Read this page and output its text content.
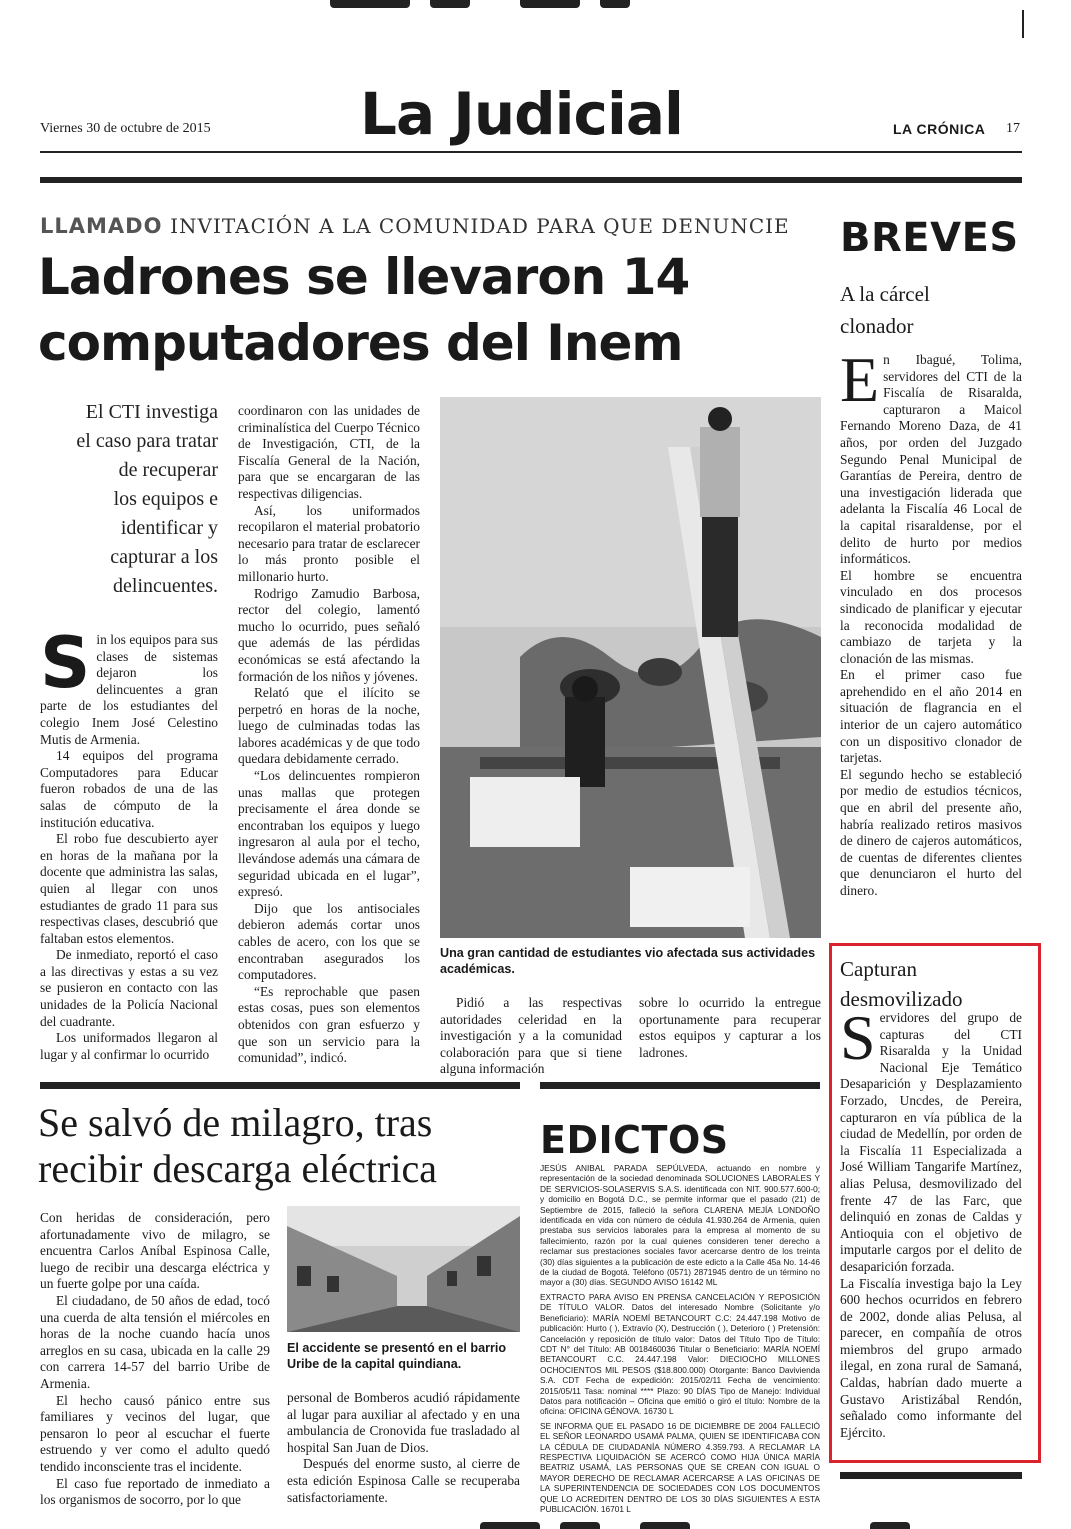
Viernes 30 de octubre de 2015	La Judicial	LA CRÓNICA 17
LLAMADO INVITACIÓN A LA COMUNIDAD PARA QUE DENUNCIE
Ladrones se llevaron 14
computadores del Inem
El CTI investiga
el caso para tratar
de recuperar
los equipos e
identificar y
capturar a los
delincuentes.

Sin los equipos para sus clases de sistemas dejaron los delincuentes a gran parte de los estudiantes del colegio Inem José Celestino Mutis de Armenia.

14 equipos del programa Computadores para Educar fueron robados de una de las salas de cómputo de la institución educativa.

El robo fue descubierto ayer en horas de la mañana por la docente que administra las salas, quien al llegar con unos estudiantes de grado 11 para sus respectivas clases, descubrió que faltaban estos elementos.

De inmediato, reportó el caso a las directivas y estas a su vez se pusieron en contacto con las unidades de la Policía Nacional del cuadrante.

Los uniformados llegaron al lugar y al confirmar lo ocurrido

coordinaron con las unidades de criminalística del Cuerpo Técnico de Investigación, CTI, de la Fiscalía General de la Nación, para que se encargaran de las respectivas diligencias.

Así, los uniformados recopilaron el material probatorio necesario para tratar de esclarecer lo más pronto posible el millonario hurto.

Rodrigo Zamudio Barbosa, rector del colegio, lamentó mucho lo ocurrido, pues señaló que además de las pérdidas económicas se está afectando la formación de los niños y jóvenes.

Relató que el ilícito se perpetró en horas de la noche, luego de culminadas todas las labores académicas y de que todo quedara debidamente cerrado.

“Los delincuentes rompieron unas mallas que protegen precisamente el área donde se encontraban los equipos y luego ingresaron al aula por el techo, llevándose además una cámara de seguridad ubicada en el lugar”, expresó.

Dijo que los antisociales debieron además cortar unos cables de acero, con los que se encontraban asegurados los computadores.

“Es reprochable que pasen estas cosas, pues son elementos obtenidos con gran esfuerzo y que son un servicio para la comunidad”, indicó.

Una gran cantidad de estudiantes vio afectada sus actividades académicas.

Pidió a las respectivas autoridades celeridad en la investigación y a la comunidad colaboración para que si tiene alguna información

sobre lo ocurrido la entregue oportunamente para recuperar estos equipos y capturar a los ladrones.

BREVES
A la cárcel clonador

En Ibagué, Tolima, servidores del CTI de la Fiscalía de Risaralda, capturaron a Maicol Fernando Moreno Daza, de 41 años, por orden del Juzgado Segundo Penal Municipal de Garantías de Pereira, dentro de una investigación liderada que adelanta la Fiscalía 46 Local de la capital risaraldense, por el delito de hurto por medios informáticos.

El hombre se encuentra vinculado en dos procesos sindicado de planificar y ejecutar la reconocida modalidad de cambiazo de tarjeta y la clonación de las mismas.

En el primer caso fue aprehendido en el año 2014 en situación de flagrancia en el interior de un cajero automático con un dispositivo clonador de tarjetas.

El segundo hecho se estableció por medio de estudios técnicos, que en abril del presente año, habría realizado retiros masivos de dinero de cajeros automáticos, de cuentas de diferentes clientes que denunciaron el hurto del dinero.

Capturan desmovilizado

Servidores del grupo de capturas del CTI Risaralda y la Unidad Nacional Eje Temático Desaparición y Desplazamiento Forzado, Uncdes, de Pereira, capturaron en vía pública de la ciudad de Medellín, por orden de la Fiscalía 11 Especializada a José William Tangarife Martínez, alias Pelusa, desmovilizado del frente 47 de las Farc, que delinquió en zonas de Caldas y Antioquia con el objetivo de imputarle cargos por el delito de desaparición forzada.

La Fiscalía investiga bajo la Ley 600 hechos ocurridos en febrero de 2002, donde alias Pelusa, al parecer, en compañía de otros miembros del grupo armado ilegal, en zona rural de Samaná, Caldas, habrían dado muerte a Gustavo Aristizábal Rendón, señalado como informante del Ejército.

Se salvó de milagro, tras
recibir descarga eléctrica

Con heridas de consideración, pero afortunadamente vivo de milagro, se encuentra Carlos Aníbal Espinosa Calle, luego de recibir una descarga eléctrica y un fuerte golpe por una caída.

El ciudadano, de 50 años de edad, tocó una cuerda de alta tensión el miércoles en horas de la noche cuando hacía unos arreglos en su casa, ubicada en la calle 29 con carrera 14-57 del barrio Uribe de Armenia.

El hecho causó pánico entre sus familiares y vecinos del lugar, que pensaron lo peor al escuchar el fuerte estruendo y ver como el adulto quedó tendido inconsciente tras el incidente.

El caso fue reportado de inmediato a los organismos de socorro, por lo que

El accidente se presentó en el barrio Uribe de la capital quindiana.

personal de Bomberos acudió rápidamente al lugar para auxiliar al afectado y en una ambulancia de Cronovida fue trasladado al hospital San Juan de Dios.

Después del enorme susto, al cierre de esta edición Espinosa Calle se recuperaba satisfactoriamente.

EDICTOS

JESÚS ANIBAL PARADA SEPÚLVEDA, actuando en nombre y representación de la sociedad denominada SOLUCIONES LABORALES Y DE SERVICIOS-SOLASERVIS S.A.S. identificada con NIT. 900.577.600-0; y domicilio en Bogotá D.C., se permite informar que el pasado (21) de Septiembre de 2015, falleció la señora CLARENA MEJÍA LONDOÑO identificada en vida con número de cédula 41.930.264 de Armenia, quien prestaba sus servicios laborales para la empresa al momento de su fallecimiento, razón por la cual quienes consideren tener derecho a reclamar sus prestaciones sociales favor acercarse dentro de los treinta (30) días siguientes a la publicación de este edicto a la Calle 45a No. 14-46 de la ciudad de Bogotá. Teléfono (0571) 2871945 dentro de un término no mayor a (30) días. SEGUNDO AVISO 16142 ML

EXTRACTO PARA AVISO EN PRENSA CANCELACIÓN Y REPOSICIÓN DE TÍTULO VALOR. Datos del interesado Nombre (Solicitante y/o Beneficiario): MARÍA NOEMÍ BETANCOURT C.C: 24.447.198 Motivo de publicación: Hurto ( ), Extravío (X), Destrucción ( ), Deterioro ( ) Pretensión: Cancelación y reposición de título valor: Datos del Título Tipo de Título: CDT N° del Título: AB 0018460036 Titular o Beneficiario: MARÍA NOEMÍ BETANCOURT C.C. 24.447.198 Valor: DIECIOCHO MILLONES OCHOCIENTOS MIL PESOS ($18.800.000) Otorgante: Banco Davivienda S.A. CDT Fecha de expedición: 2015/02/11 Fecha de vencimiento: 2015/05/11 Tasa: nominal **** Plazo: 90 DÍAS Tipo de Manejo: Individual Datos para notificación – Oficina que emitió o giró el título: Nombre de la oficina: OFICINA GÉNOVA. 16730 L

SE INFORMA QUE EL PASADO 16 DE DICIEMBRE DE 2004 FALLECIÓ EL SEÑOR LEONARDO USAMÁ PALMA, QUIEN SE IDENTIFICABA CON LA CÉDULA DE CIUDADANÍA NÚMERO 4.359.793. A RECLAMAR LA RESPECTIVA LIQUIDACIÓN SE ACERCÓ COMO HIJA ÚNICA MARÍA BEATRIZ USAMÁ, LAS PERSONAS QUE SE CREAN CON IGUAL O MAYOR DERECHO DE RECLAMAR ACERCARSE A LAS OFICINAS DE LA SUPERINTENDENCIA DE SOCIEDADES CON LOS DOCUMENTOS QUE LO ACREDITEN DENTRO DE LOS 30 DÍAS SIGUIENTES A ESTA PUBLICACIÓN. 16701 L
